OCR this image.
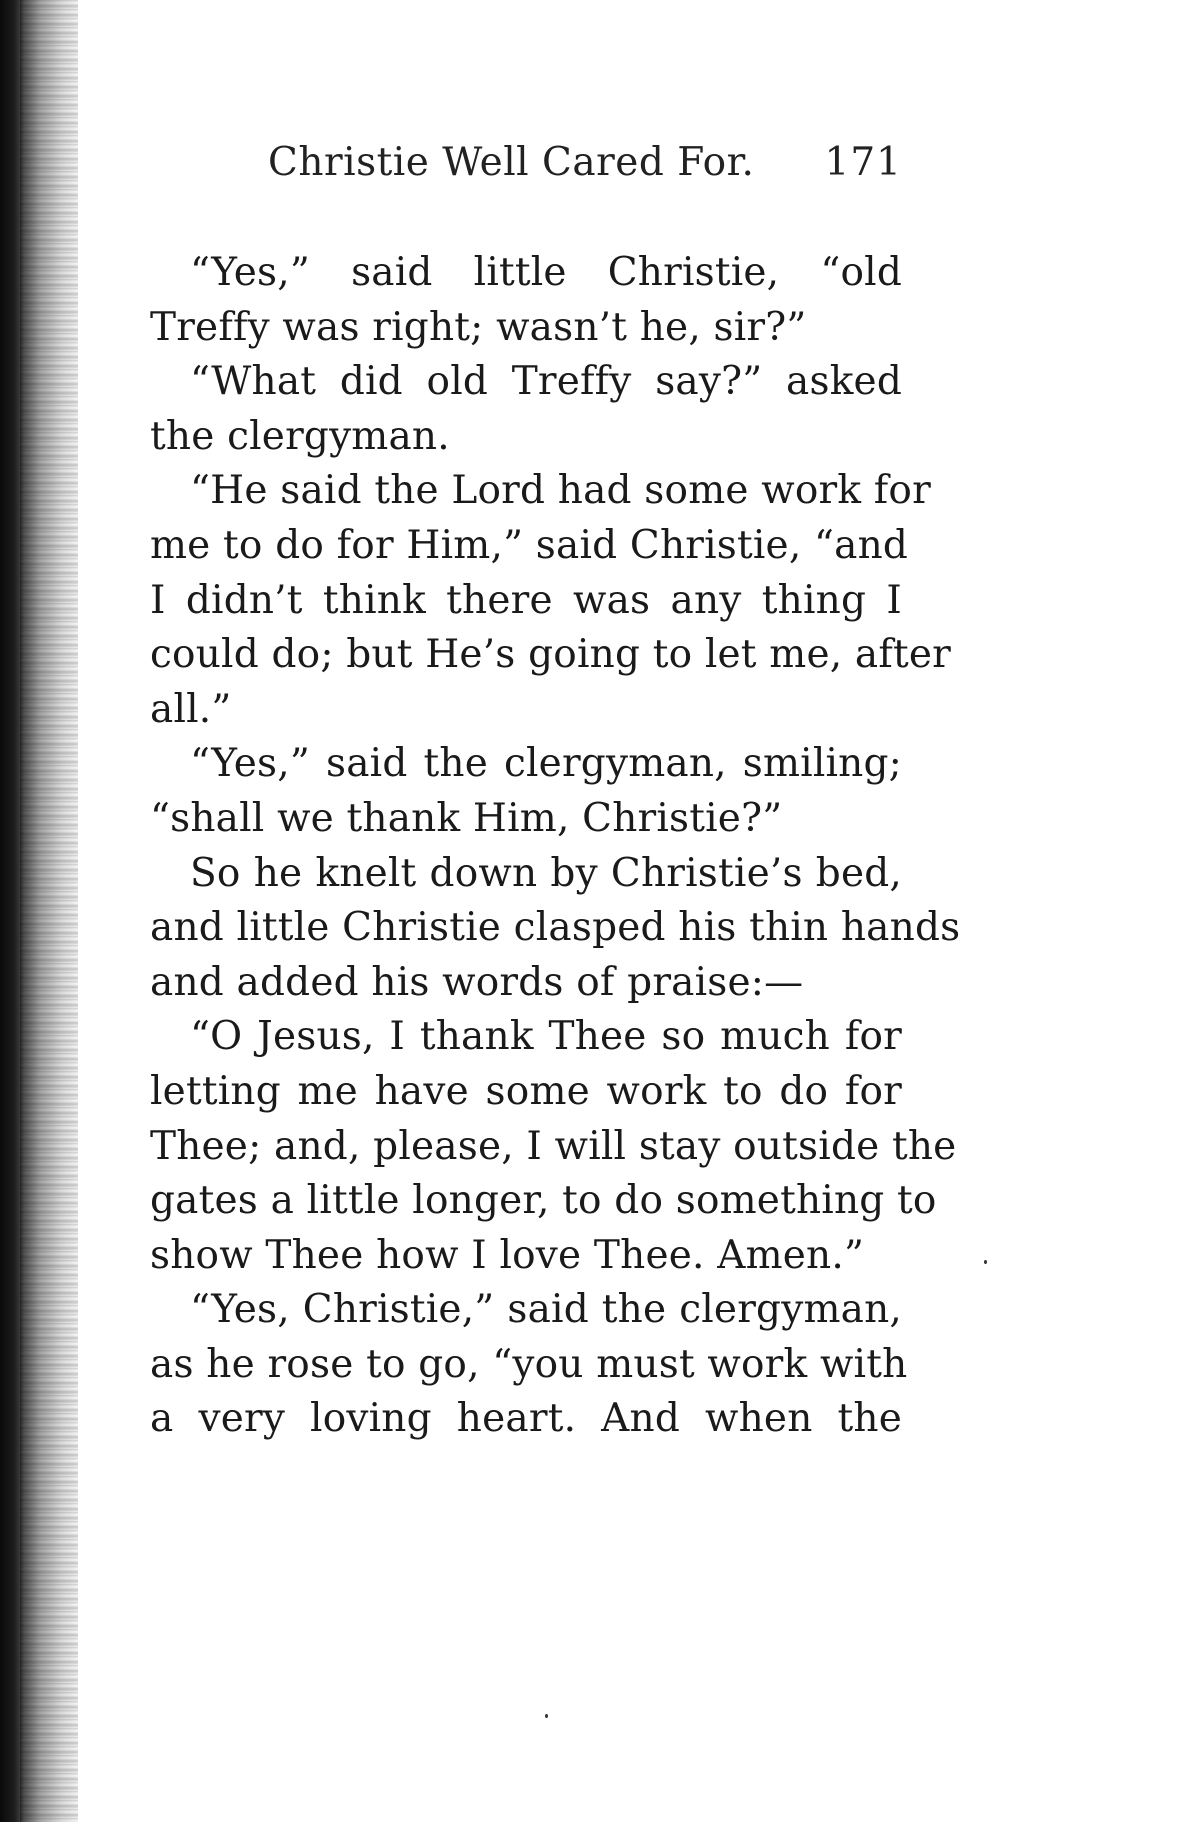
Christie Well Cared For. 171
“Yes,” said little Christie, “old
Treffy was right; wasn’t he, sir?”
“What did old Treffy say?” asked
the clergyman.
“He said the Lord had some work for
me to do for Him,” said Christie, “and
I didn’t think there was any thing I
could do; but He’s going to let me, after
all.”
“Yes,” said the clergyman, smiling;
“shall we thank Him, Christie?”
So he knelt down by Christie’s bed,
and little Christie clasped his thin hands
and added his words of praise:—
“O Jesus, I thank Thee so much for
letting me have some work to do for
Thee; and, please, I will stay outside the
gates a little longer, to do something to
show Thee how I love Thee. Amen.”
“Yes, Christie,” said the clergyman,
as he rose to go, “you must work with
a very loving heart. And when the
